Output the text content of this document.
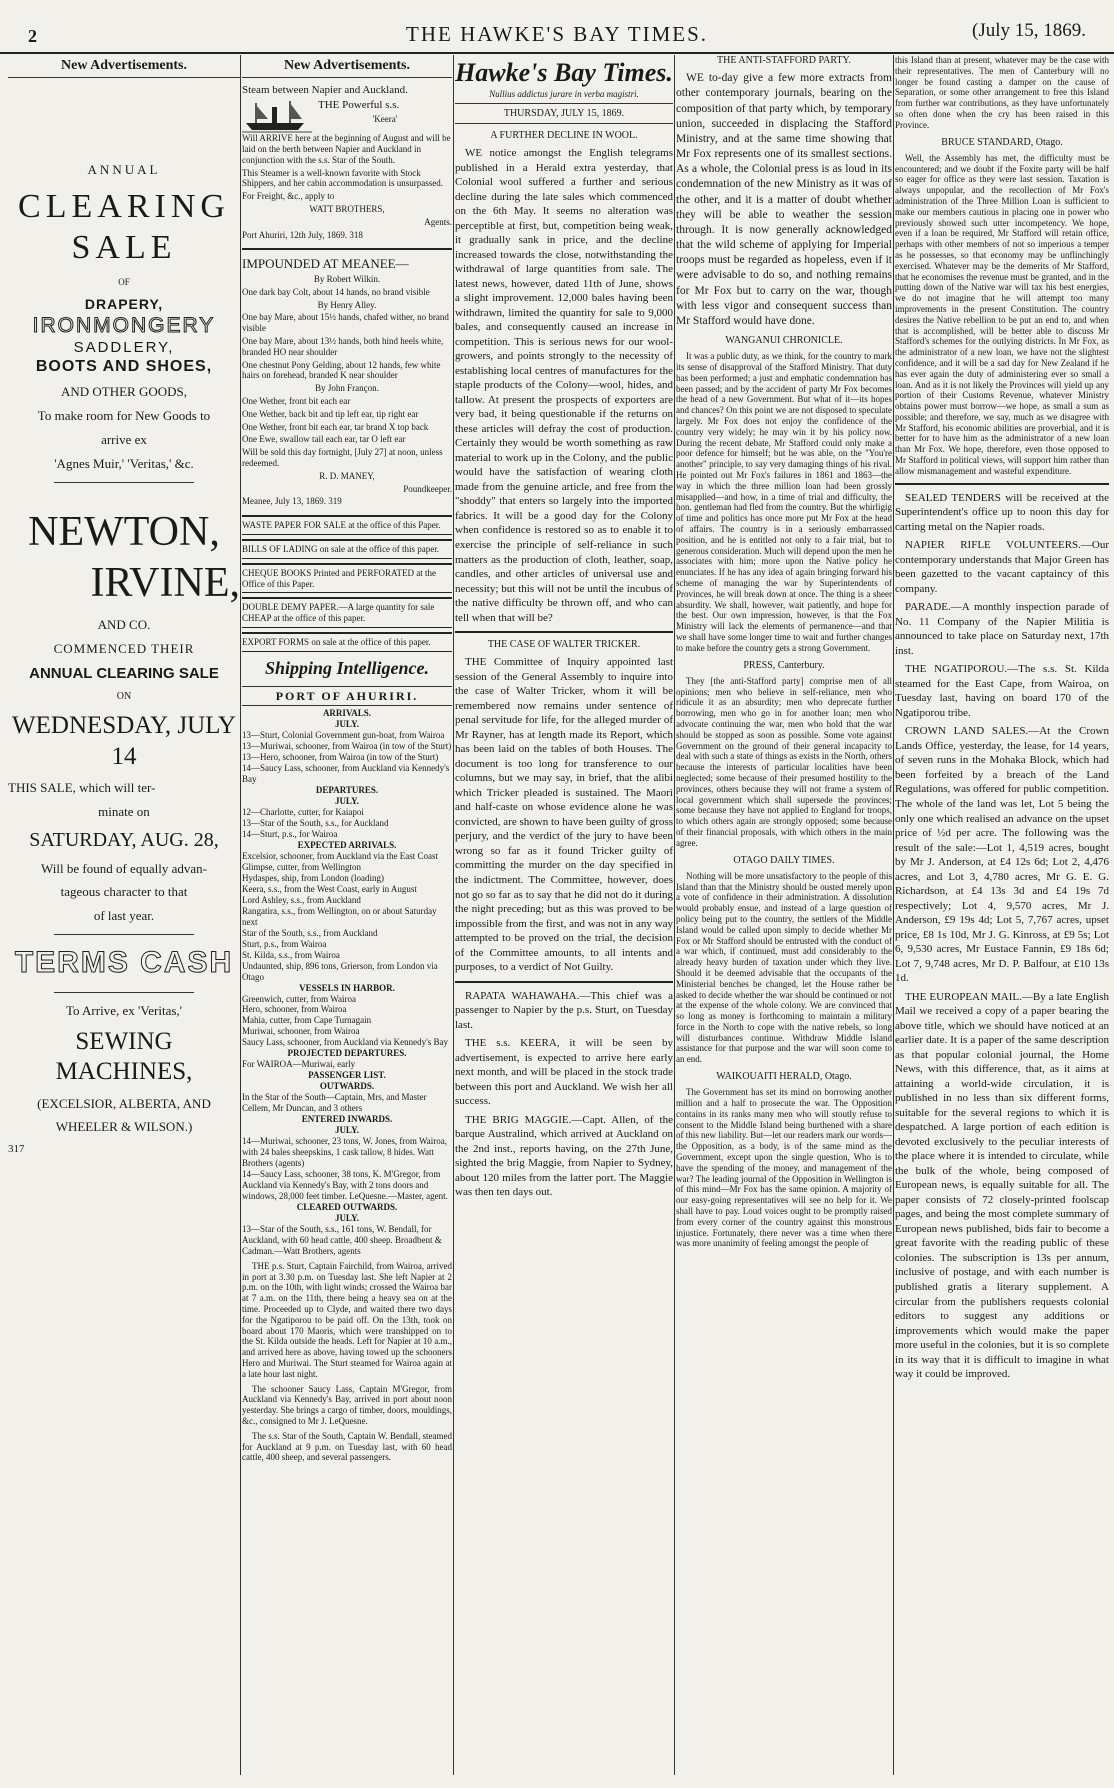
2	THE HAWKE'S BAY TIMES.	(July 15, 1869.
New Advertisements.

ANNUAL

CLEARING

SALE

OF

DRAPERY,

IRONMONGERY

SADDLERY,

BOOTS AND SHOES,

AND OTHER GOODS,

To make room for New Goods to

arrive ex

'Agnes Muir,' 'Veritas,' &c.

NEWTON,

IRVINE,

AND CO.

COMMENCED THEIR

ANNUAL CLEARING SALE

ON

WEDNESDAY, JULY 14

THIS SALE, which will ter-

minate on

SATURDAY, AUG. 28,

Will be found of equally advan-

tageous character to that

of last year.

TERMS CASH

To Arrive, ex 'Veritas,'

SEWING MACHINES,

(EXCELSIOR, ALBERTA, AND

WHEELER & WILSON.)

317

New Advertisements.

Steam between Napier and Auckland.

THE Powerful s.s.

'Keera'

Will ARRIVE here at the beginning of August and will be laid on the berth between Napier and Auckland in conjunction with the s.s. Star of the South.

This Steamer is a well-known favorite with Stock Shippers, and her cabin accommodation is unsurpassed.

For Freight, &c., apply to

WATT BROTHERS,

Agents.

Port Ahuriri, 12th July, 1869. 318

IMPOUNDED AT MEANEE—

By Robert Wilkin.

One dark bay Colt, about 14 hands, no brand visible

By Henry Alley.

One bay Mare, about 15½ hands, chafed wither, no brand visible

One bay Mare, about 13½ hands, both hind heels white, branded HO near shoulder

One chestnut Pony Gelding, about 12 hands, few white hairs on forehead, branded K near shoulder

By John Françon.

One Wether, front bit each ear

One Wether, back bit and tip left ear, tip right ear

One Wether, front bit each ear, tar brand X top back

One Ewe, swallow tail each ear, tar O left ear

Will be sold this day fortnight, [July 27] at noon, unless redeemed.

R. D. MANEY,

Poundkeeper.

Meanee, July 13, 1869. 319

WASTE PAPER FOR SALE at the office of this Paper.
BILLS OF LADING on sale at the office of this paper.
CHEQUE BOOKS Printed and PERFORATED at the Office of this Paper.
DOUBLE DEMY PAPER.—A large quantity for sale CHEAP at the office of this paper.
EXPORT FORMS on sale at the office of this paper.
Shipping Intelligence.
PORT OF AHURIRI.

ARRIVALS.

JULY.

13—Sturt, Colonial Government gun-boat, from Wairoa

13—Muriwai, schooner, from Wairoa (in tow of the Sturt)

13—Hero, schooner, from Wairoa (in tow of the Sturt)

14—Saucy Lass, schooner, from Auckland via Kennedy's Bay

DEPARTURES.

JULY.

12—Charlotte, cutter, for Kaiapoi

13—Star of the South, s.s., for Auckland

14—Sturt, p.s., for Wairoa

EXPECTED ARRIVALS.

Excelsior, schooner, from Auckland via the East Coast

Glimpse, cutter, from Wellington

Hydaspes, ship, from London (loading)

Keera, s.s., from the West Coast, early in August

Lord Ashley, s.s., from Auckland

Rangatira, s.s., from Wellington, on or about Saturday next

Star of the South, s.s., from Auckland

Sturt, p.s., from Wairoa

St. Kilda, s.s., from Wairoa

Undaunted, ship, 896 tons, Grierson, from London via Otago

VESSELS IN HARBOR.

Greenwich, cutter, from Wairoa

Hero, schooner, from Wairoa

Mahia, cutter, from Cape Turnagain

Muriwai, schooner, from Wairoa

Saucy Lass, schooner, from Auckland via Kennedy's Bay

PROJECTED DEPARTURES.

For WAIROA—Muriwai, early

PASSENGER LIST.

OUTWARDS.

In the Star of the South—Captain, Mrs, and Master Cellem, Mr Duncan, and 3 others

ENTERED INWARDS.

JULY.

14—Muriwai, schooner, 23 tons, W. Jones, from Wairoa, with 24 bales sheepskins, 1 cask tallow, 8 hides. Watt Brothers (agents)

14—Saucy Lass, schooner, 38 tons, K. M'Gregor, from Auckland via Kennedy's Bay, with 2 tons doors and windows, 28,000 feet timber. LeQuesne.—Master, agent.

CLEARED OUTWARDS.

JULY.

13—Star of the South, s.s., 161 tons, W. Bendall, for Auckland, with 60 head cattle, 400 sheep. Broadbent & Cadman.—Watt Brothers, agents

THE p.s. Sturt, Captain Fairchild, from Wairoa, arrived in port at 3.30 p.m. on Tuesday last. She left Napier at 2 p.m. on the 10th, with light winds; crossed the Wairoa bar at 7 a.m. on the 11th, there being a heavy sea on at the time. Proceeded up to Clyde, and waited there two days for the Ngatiporou to be paid off. On the 13th, took on board about 170 Maoris, which were transhipped on to the St. Kilda outside the heads. Left for Napier at 10 a.m., and arrived here as above, having towed up the schooners Hero and Muriwai. The Sturt steamed for Wairoa again at a late hour last night.

The schooner Saucy Lass, Captain M'Gregor, from Auckland via Kennedy's Bay, arrived in port about noon yesterday. She brings a cargo of timber, doors, mouldings, &c., consigned to Mr J. LeQuesne.

The s.s. Star of the South, Captain W. Bendall, steamed for Auckland at 9 p.m. on Tuesday last, with 60 head cattle, 400 sheep, and several passengers.

Hawke's Bay Times.
Nullius addictus jurare in verba magistri.
THURSDAY, JULY 15, 1869.
A FURTHER DECLINE IN WOOL.

WE notice amongst the English telegrams published in a Herald extra yesterday, that Colonial wool suffered a further and serious decline during the late sales which commenced on the 6th May. It seems no alteration was perceptible at first, but, competition being weak, it gradually sank in price, and the decline increased towards the close, notwithstanding the withdrawal of large quantities from sale. The latest news, however, dated 11th of June, shows a slight improvement. 12,000 bales having been withdrawn, limited the quantity for sale to 9,000 bales, and consequently caused an increase in competition. This is serious news for our wool-growers, and points strongly to the necessity of establishing local centres of manufactures for the staple products of the Colony—wool, hides, and tallow. At present the prospects of exporters are very bad, it being questionable if the returns on these articles will defray the cost of production. Certainly they would be worth something as raw material to work up in the Colony, and the public would have the satisfaction of wearing cloth made from the genuine article, and free from the "shoddy" that enters so largely into the imported fabrics. It will be a good day for the Colony when confidence is restored so as to enable it to exercise the principle of self-reliance in such matters as the production of cloth, leather, soap, candles, and other articles of universal use and necessity; but this will not be until the incubus of the native difficulty be thrown off, and who can tell when that will be?

THE CASE OF WALTER TRICKER.

THE Committee of Inquiry appointed last session of the General Assembly to inquire into the case of Walter Tricker, whom it will be remembered now remains under sentence of penal servitude for life, for the alleged murder of Mr Rayner, has at length made its Report, which has been laid on the tables of both Houses. The document is too long for transference to our columns, but we may say, in brief, that the alibi which Tricker pleaded is sustained. The Maori and half-caste on whose evidence alone he was convicted, are shown to have been guilty of gross perjury, and the verdict of the jury to have been wrong so far as it found Tricker guilty of committing the murder on the day specified in the indictment. The Committee, however, does not go so far as to say that he did not do it during the night preceding; but as this was proved to be impossible from the first, and was not in any way attempted to be proved on the trial, the decision of the Committee amounts, to all intents and purposes, to a verdict of Not Guilty.

RAPATA WAHAWAHA.—This chief was a passenger to Napier by the p.s. Sturt, on Tuesday last.

THE s.s. KEERA, it will be seen by advertisement, is expected to arrive here early next month, and will be placed in the stock trade between this port and Auckland. We wish her all success.

THE BRIG MAGGIE.—Capt. Allen, of the barque Australind, which arrived at Auckland on the 2nd inst., reports having, on the 27th June, sighted the brig Maggie, from Napier to Sydney, about 120 miles from the latter port. The Maggie was then ten days out.

THE ANTI-STAFFORD PARTY.

WE to-day give a few more extracts from other contemporary journals, bearing on the composition of that party which, by temporary union, succeeded in displacing the Stafford Ministry, and at the same time showing that Mr Fox represents one of its smallest sections. As a whole, the Colonial press is as loud in its condemnation of the new Ministry as it was of the other, and it is a matter of doubt whether they will be able to weather the session through. It is now generally acknowledged that the wild scheme of applying for Imperial troops must be regarded as hopeless, even if it were advisable to do so, and nothing remains for Mr Fox but to carry on the war, though with less vigor and consequent success than Mr Stafford would have done.

WANGANUI CHRONICLE.

It was a public duty, as we think, for the country to mark its sense of disapproval of the Stafford Ministry. That duty has been performed; a just and emphatic condemnation has been passed; and by the accident of party Mr Fox becomes the head of a new Government. But what of it—its hopes and chances? On this point we are not disposed to speculate largely. Mr Fox does not enjoy the confidence of the country very widely; he may win it by his policy now. During the recent debate, Mr Stafford could only make a poor defence for himself; but he was able, on the "You're another" principle, to say very damaging things of his rival. He pointed out Mr Fox's failures in 1861 and 1863—the way in which the three million loan had been grossly misapplied—and how, in a time of trial and difficulty, the hon. gentleman had fled from the country. But the whirligig of time and politics has once more put Mr Fox at the head of affairs. The country is in a seriously embarrassed position, and he is entitled not only to a fair trial, but to generous consideration. Much will depend upon the men he associates with him; more upon the Native policy he enunciates. If he has any idea of again bringing forward his scheme of managing the war by Superintendents of Provinces, he will break down at once. The thing is a sheer absurdity. We shall, however, wait patiently, and hope for the best. Our own impression, however, is that the Fox Ministry will lack the elements of permanence—and that we shall have some longer time to wait and further changes to make before the country gets a strong Government.

PRESS, Canterbury.

They [the anti-Stafford party] comprise men of all opinions; men who believe in self-reliance, men who ridicule it as an absurdity; men who deprecate further borrowing, men who go in for another loan; men who advocate continuing the war, men who hold that the war should be stopped as soon as possible. Some vote against Government on the ground of their general incapacity to deal with such a state of things as exists in the North, others because the interests of particular localities have been neglected; some because of their presumed hostility to the provinces, others because they will not frame a system of local government which shall supersede the provinces; some because they have not applied to England for troops, to which others again are strongly opposed; some because of their financial proposals, with which others in the main agree.

OTAGO DAILY TIMES.

Nothing will be more unsatisfactory to the people of this Island than that the Ministry should be ousted merely upon a vote of confidence in their administration. A dissolution would probably ensue, and instead of a large question of policy being put to the country, the settlers of the Middle Island would be called upon simply to decide whether Mr Fox or Mr Stafford should be entrusted with the conduct of a war which, if continued, must add considerably to the already heavy burden of taxation under which they live. Should it be deemed advisable that the occupants of the Ministerial benches be changed, let the House rather be asked to decide whether the war should be continued or not at the expense of the whole colony. We are convinced that so long as money is forthcoming to maintain a military force in the North to cope with the native rebels, so long will disturbances continue. Withdraw Middle Island assistance for that purpose and the war will soon come to an end.

WAIKOUAITI HERALD, Otago.

The Government has set its mind on borrowing another million and a half to prosecute the war. The Opposition contains in its ranks many men who will stoutly refuse to consent to the Middle Island being burthened with a share of this new liability. But—let our readers mark our words—the Opposition, as a body, is of the same mind as the Government, except upon the single question, Who is to have the spending of the money, and management of the war? The leading journal of the Opposition in Wellington is of this mind—Mr Fox has the same opinion. A majority of our easy-going representatives will see no help for it. We shall have to pay. Loud voices ought to be promptly raised from every corner of the country against this monstrous injustice. Fortunately, there never was a time when there was more unanimity of feeling amongst the people of

this Island than at present, whatever may be the case with their representatives. The men of Canterbury will no longer be found casting a damper on the cause of Separation, or some other arrangement to free this Island from further war contributions, as they have unfortunately so often done when the cry has been raised in this Province.

BRUCE STANDARD, Otago.

Well, the Assembly has met, the difficulty must be encountered; and we doubt if the Foxite party will be half so eager for office as they were last session. Taxation is always unpopular, and the recollection of Mr Fox's administration of the Three Million Loan is sufficient to make our members cautious in placing one in power who previously showed such utter incompetency. We hope, even if a loan be required, Mr Stafford will retain office, perhaps with other members of not so imperious a temper as he possesses, so that economy may be unflinchingly exercised. Whatever may be the demerits of Mr Stafford, that he economises the revenue must be granted, and in the putting down of the Native war will tax his best energies, we do not imagine that he will attempt too many improvements in the present Constitution. The country desires the Native rebellion to be put an end to, and when that is accomplished, will be better able to discuss Mr Stafford's schemes for the outlying districts. In Mr Fox, as the administrator of a new loan, we have not the slightest confidence, and it will be a sad day for New Zealand if he has ever again the duty of administering ever so small a loan. And as it is not likely the Provinces will yield up any portion of their Customs Revenue, whatever Ministry obtains power must borrow—we hope, as small a sum as possible; and therefore, we say, much as we disagree with Mr Stafford, his economic abilities are proverbial, and it is better for to have him as the administrator of a new loan than Mr Fox. We hope, therefore, even those opposed to Mr Stafford in political views, will support him rather than allow mismanagement and wasteful expenditure.

SEALED TENDERS will be received at the Superintendent's office up to noon this day for carting metal on the Napier roads.

NAPIER RIFLE VOLUNTEERS.—Our contemporary understands that Major Green has been gazetted to the vacant captaincy of this company.

PARADE.—A monthly inspection parade of No. 11 Company of the Napier Militia is announced to take place on Saturday next, 17th inst.

THE NGATIPOROU.—The s.s. St. Kilda steamed for the East Cape, from Wairoa, on Tuesday last, having on board 170 of the Ngatiporou tribe.

CROWN LAND SALES.—At the Crown Lands Office, yesterday, the lease, for 14 years, of seven runs in the Mohaka Block, which had been forfeited by a breach of the Land Regulations, was offered for public competition. The whole of the land was let, Lot 5 being the only one which realised an advance on the upset price of ½d per acre. The following was the result of the sale:—Lot 1, 4,519 acres, bought by Mr J. Anderson, at £4 12s 6d; Lot 2, 4,476 acres, and Lot 3, 4,780 acres, Mr G. E. G. Richardson, at £4 13s 3d and £4 19s 7d respectively; Lot 4, 9,570 acres, Mr J. Anderson, £9 19s 4d; Lot 5, 7,767 acres, upset price, £8 1s 10d, Mr J. G. Kinross, at £9 5s; Lot 6, 9,530 acres, Mr Eustace Fannin, £9 18s 6d; Lot 7, 9,748 acres, Mr D. P. Balfour, at £10 13s 1d.

THE EUROPEAN MAIL.—By a late English Mail we received a copy of a paper bearing the above title, which we should have noticed at an earlier date. It is a paper of the same description as that popular colonial journal, the Home News, with this difference, that, as it aims at attaining a world-wide circulation, it is published in no less than six different forms, suitable for the several regions to which it is despatched. A large portion of each edition is devoted exclusively to the peculiar interests of the place where it is intended to circulate, while the bulk of the whole, being composed of European news, is equally suitable for all. The paper consists of 72 closely-printed foolscap pages, and being the most complete summary of European news published, bids fair to become a great favorite with the reading public of these colonies. The subscription is 13s per annum, inclusive of postage, and with each number is published gratis a literary supplement. A circular from the publishers requests colonial editors to suggest any additions or improvements which would make the paper more useful in the colonies, but it is so complete in its way that it is difficult to imagine in what way it could be improved.
